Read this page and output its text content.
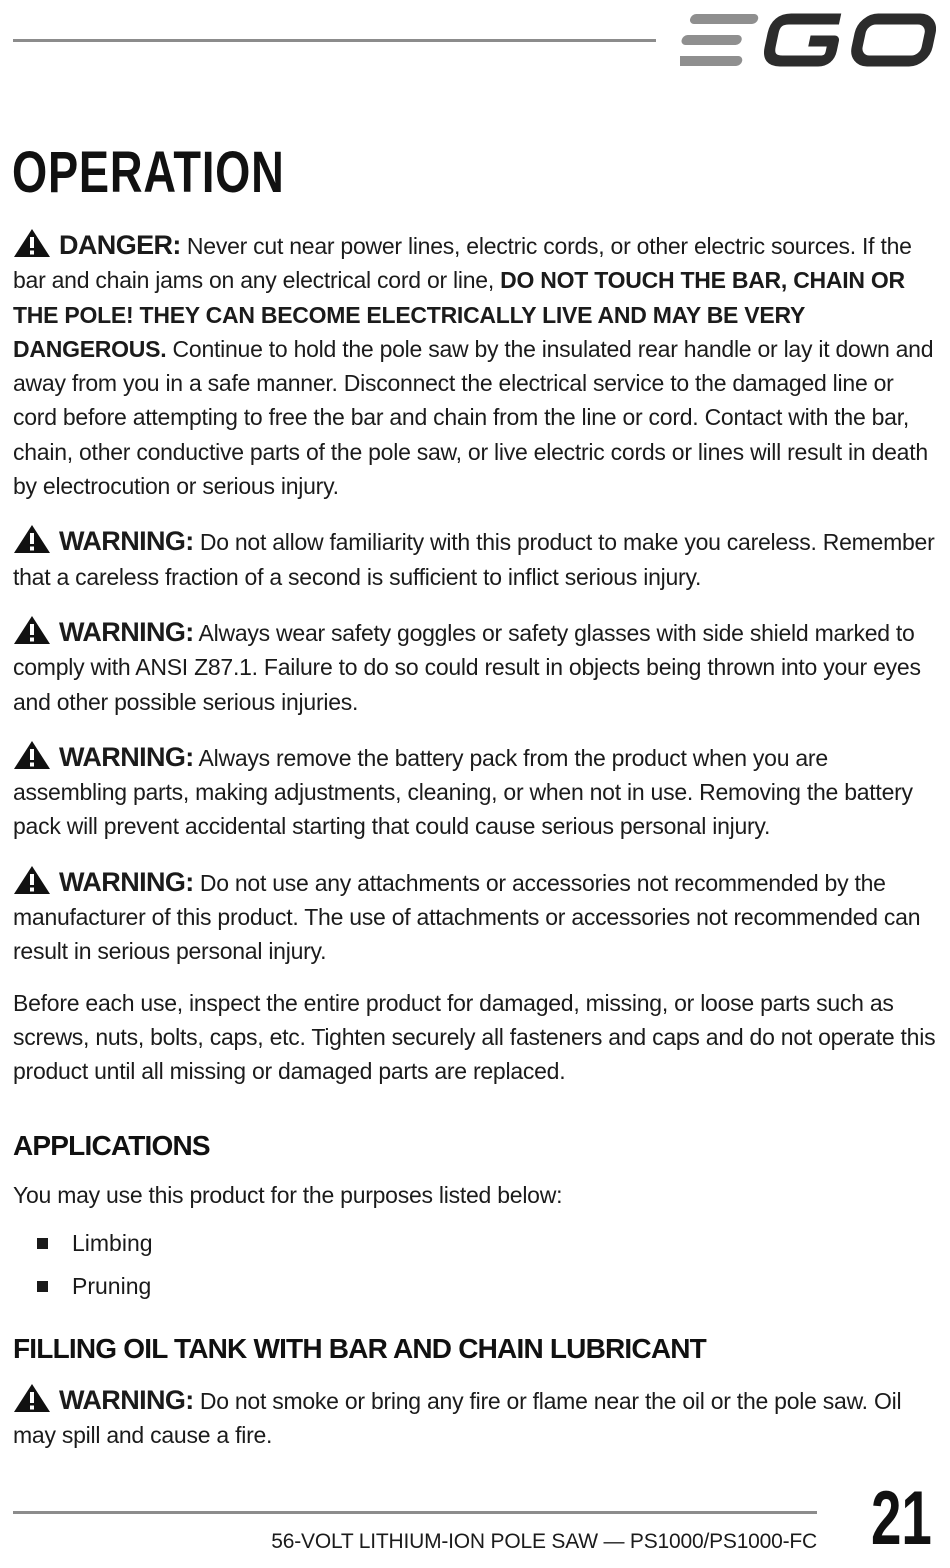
OPERATION

DANGER: Never cut near power lines, electric cords, or other electric sources. If the bar and chain jams on any electrical cord or line, DO NOT TOUCH THE BAR, CHAIN OR THE POLE! THEY CAN BECOME ELECTRICALLY LIVE AND MAY BE VERY DANGEROUS. Continue to hold the pole saw by the insulated rear handle or lay it down and away from you in a safe manner. Disconnect the electrical service to the damaged line or cord before attempting to free the bar and chain from the line or cord. Contact with the bar, chain, other conductive parts of the pole saw, or live electric cords or lines will result in death by electrocution or serious injury.

WARNING: Do not allow familiarity with this product to make you careless. Remember that a careless fraction of a second is sufficient to inflict serious injury.

WARNING: Always wear safety goggles or safety glasses with side shield marked to comply with ANSI Z87.1. Failure to do so could result in objects being thrown into your eyes and other possible serious injuries.

WARNING: Always remove the battery pack from the product when you are assembling parts, making adjustments, cleaning, or when not in use. Removing the battery pack will prevent accidental starting that could cause serious personal injury.

WARNING: Do not use any attachments or accessories not recommended by the manufacturer of this product. The use of attachments or accessories not recommended can result in serious personal injury.

Before each use, inspect the entire product for damaged, missing, or loose parts such as screws, nuts, bolts, caps, etc. Tighten securely all fasteners and caps and do not operate this product until all missing or damaged parts are replaced.

APPLICATIONS

You may use this product for the purposes listed below:

Limbing
Pruning
FILLING OIL TANK WITH BAR AND CHAIN LUBRICANT

WARNING: Do not smoke or bring any fire or flame near the oil or the pole saw. Oil may spill and cause a fire.

56-VOLT LITHIUM-ION POLE SAW — PS1000/PS1000-FC 21
